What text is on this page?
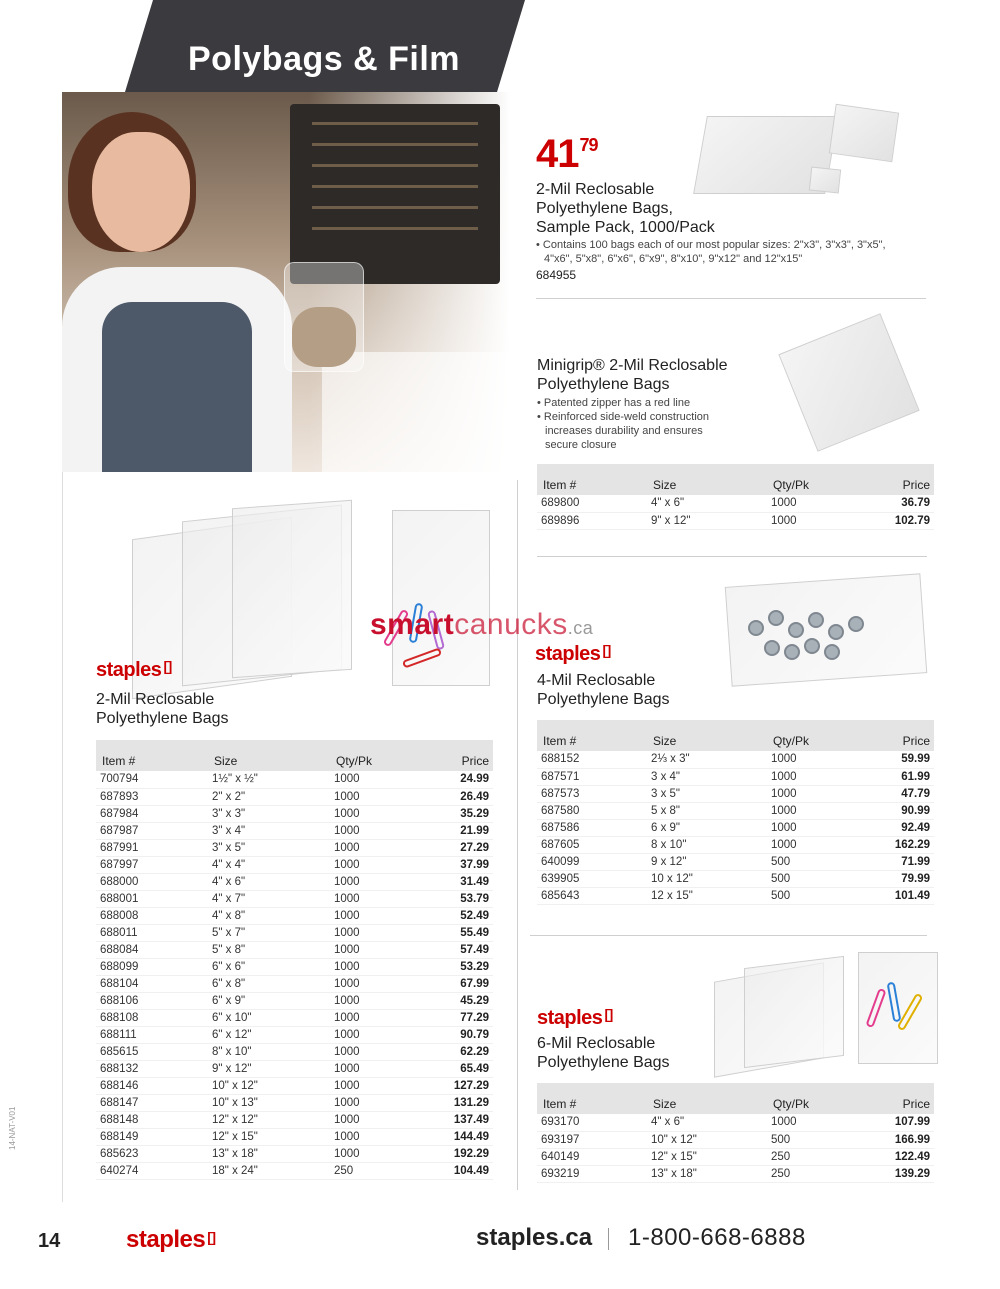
Polybags & Film
$41^{79}$
2-Mil Reclosable
Polyethylene Bags,
Sample Pack, 1000/Pack
• Contains 100 bags each of our most popular sizes: 2"x3", 3"x3", 3"x5", 4"x6", 5"x8", 6"x6", 6"x9", 8"x10", 9"x12" and 12"x15"
684955
Minigrip® 2-Mil Reclosable
Polyethylene Bags
• Patented zipper has a red line
• Reinforced side-weld construction increases durability and ensures secure closure
Item #	Size	Qty/Pk	Price
689800	4" x 6"	1000	36.79
689896	9" x 12"	1000	102.79
smartcanucks.ca
staples []
2-Mil Reclosable
Polyethylene Bags
Item #	Size	Qty/Pk	Price
700794	1½" x ½"	1000	24.99
687893	2" x 2"	1000	26.49
687984	3" x 3"	1000	35.29
687987	3" x 4"	1000	21.99
687991	3" x 5"	1000	27.29
687997	4" x 4"	1000	37.99
688000	4" x 6"	1000	31.49
688001	4" x 7"	1000	53.79
688008	4" x 8"	1000	52.49
688011	5" x 7"	1000	55.49
688084	5" x 8"	1000	57.49
688099	6" x 6"	1000	53.29
688104	6" x 8"	1000	67.99
688106	6" x 9"	1000	45.29
688108	6" x 10"	1000	77.29
688111	6" x 12"	1000	90.79
685615	8" x 10"	1000	62.29
688132	9" x 12"	1000	65.49
688146	10" x 12"	1000	127.29
688147	10" x 13"	1000	131.29
688148	12" x 12"	1000	137.49
688149	12" x 15"	1000	144.49
685623	13" x 18"	1000	192.29
640274	18" x 24"	250	104.49
staples []
4-Mil Reclosable
Polyethylene Bags
Item #	Size	Qty/Pk	Price
688152	2⅓ x 3"	1000	59.99
687571	3 x 4"	1000	61.99
687573	3 x 5"	1000	47.79
687580	5 x 8"	1000	90.99
687586	6 x 9"	1000	92.49
687605	8 x 10"	1000	162.29
640099	9 x 12"	500	71.99
639905	10 x 12"	500	79.99
685643	12 x 15"	500	101.49
staples []
6-Mil Reclosable
Polyethylene Bags
Item #	Size	Qty/Pk	Price
693170	4" x 6"	1000	107.99
693197	10" x 12"	500	166.99
640149	12" x 15"	250	122.49
693219	13" x 18"	250	139.29
14-NAT-V01
14	staples []	staples.ca 1-800-668-6888
